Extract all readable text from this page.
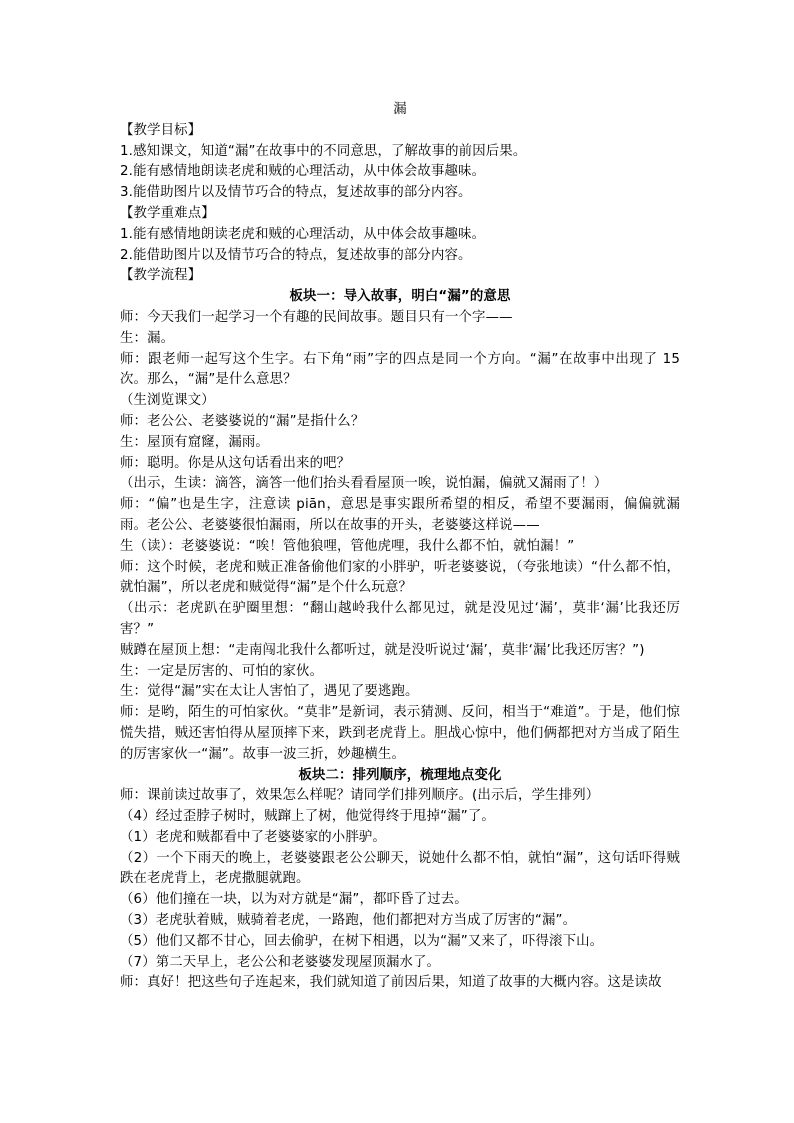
漏

【教学目标】

1.感知课文，知道“漏”在故事中的不同意思，了解故事的前因后果。

2.能有感情地朗读老虎和贼的心理活动，从中体会故事趣味。

3.能借助图片以及情节巧合的特点，复述故事的部分内容。

【教学重难点】

1.能有感情地朗读老虎和贼的心理活动，从中体会故事趣味。

2.能借助图片以及情节巧合的特点，复述故事的部分内容。

【教学流程】

板块一：导入故事，明白“漏”的意思

师：今天我们一起学习一个有趣的民间故事。题目只有一个字——

生：漏。

师：跟老师一起写这个生字。右下角“雨”字的四点是同一个方向。“漏”在故事中出现了 15次。那么，“漏”是什么意思？

（生浏览课文）

师：老公公、老婆婆说的“漏”是指什么？

生：屋顶有窟窿，漏雨。

师：聪明。你是从这句话看出来的吧？

（出示，生读：滴答，滴答一他们抬头看看屋顶一唉，说怕漏，偏就又漏雨了！）

师：“偏”也是生字，注意读 piān，意思是事实跟所希望的相反，希望不要漏雨，偏偏就漏雨。老公公、老婆婆很怕漏雨，所以在故事的开头，老婆婆这样说——

生（读）：老婆婆说：“唉！管他狼哩，管他虎哩，我什么都不怕，就怕漏！”

师：这个时候，老虎和贼正准备偷他们家的小胖驴，听老婆婆说，（夸张地读）“什么都不怕，就怕漏”，所以老虎和贼觉得“漏”是个什么玩意？

（出示：老虎趴在驴圈里想：“翻山越岭我什么都见过，就是没见过‘漏’，莫非‘漏’比我还厉害？”

贼蹲在屋顶上想：“走南闯北我什么都听过，就是没听说过‘漏’，莫非‘漏’比我还厉害？”)

生：一定是厉害的、可怕的家伙。

生：觉得“漏”实在太让人害怕了，遇见了要逃跑。

师：是哟，陌生的可怕家伙。“莫非”是新词，表示猜测、反问，相当于“难道”。于是，他们惊慌失措，贼还害怕得从屋顶摔下来，跌到老虎背上。胆战心惊中，他们俩都把对方当成了陌生的厉害家伙一“漏”。故事一波三折，妙趣横生。

板块二：排列顺序，梳理地点变化

师：课前读过故事了，效果怎么样呢？请同学们排列顺序。(出示后，学生排列）

（4）经过歪脖子树时，贼蹿上了树，他觉得终于甩掉“漏”了。

（1）老虎和贼都看中了老婆婆家的小胖驴。

（2）一个下雨天的晚上，老婆婆跟老公公聊天，说她什么都不怕，就怕“漏”，这句话吓得贼跌在老虎背上，老虎撒腿就跑。

（6）他们撞在一块，以为对方就是“漏”，都吓昏了过去。

（3）老虎驮着贼，贼骑着老虎，一路跑，他们都把对方当成了厉害的“漏”。

（5）他们又都不甘心，回去偷驴，在树下相遇，以为“漏”又来了，吓得滚下山。

（7）第二天早上，老公公和老婆婆发现屋顶漏水了。

师：真好！把这些句子连起来，我们就知道了前因后果，知道了故事的大概内容。这是读故
